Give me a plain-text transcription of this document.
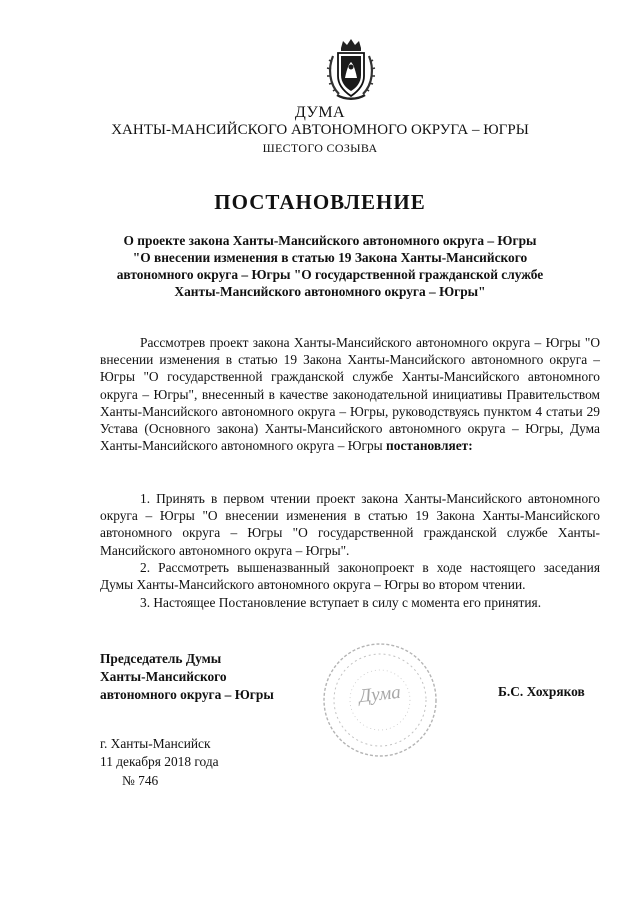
ДУМА
ХАНТЫ-МАНСИЙСКОГО АВТОНОМНОГО ОКРУГА – ЮГРЫ
ШЕСТОГО СОЗЫВА
ПОСТАНОВЛЕНИЕ
О проекте закона Ханты-Мансийского автономного округа – Югры
"О внесении изменения в статью 19 Закона Ханты-Мансийского
автономного округа – Югры "О государственной гражданской службе
Ханты-Мансийского автономного округа – Югры"

Рассмотрев проект закона Ханты-Мансийского автономного округа – Югры "О внесении изменения в статью 19 Закона Ханты-Мансийского автономного округа – Югры "О государственной гражданской службе Ханты-Мансийского автономного округа – Югры", внесенный в качестве законодательной инициативы Правительством Ханты-Мансийского автономного округа – Югры, руководствуясь пунктом 4 статьи 29 Устава (Основного закона) Ханты-Мансийского автономного округа – Югры, Дума Ханты-Мансийского автономного округа – Югры постановляет:

1. Принять в первом чтении проект закона Ханты-Мансийского автономного округа – Югры "О внесении изменения в статью 19 Закона Ханты-Мансийского автономного округа – Югры "О государственной гражданской службе Ханты-Мансийского автономного округа – Югры".

2. Рассмотреть вышеназванный законопроект в ходе настоящего заседания Думы Ханты-Мансийского автономного округа – Югры во втором чтении.

3. Настоящее Постановление вступает в силу с момента его принятия.

Председатель Думы
Ханты-Мансийского
автономного округа – Югры	Дума	Б.С. Хохряков
г. Ханты-Мансийск
11 декабря 2018 года
№ 746
